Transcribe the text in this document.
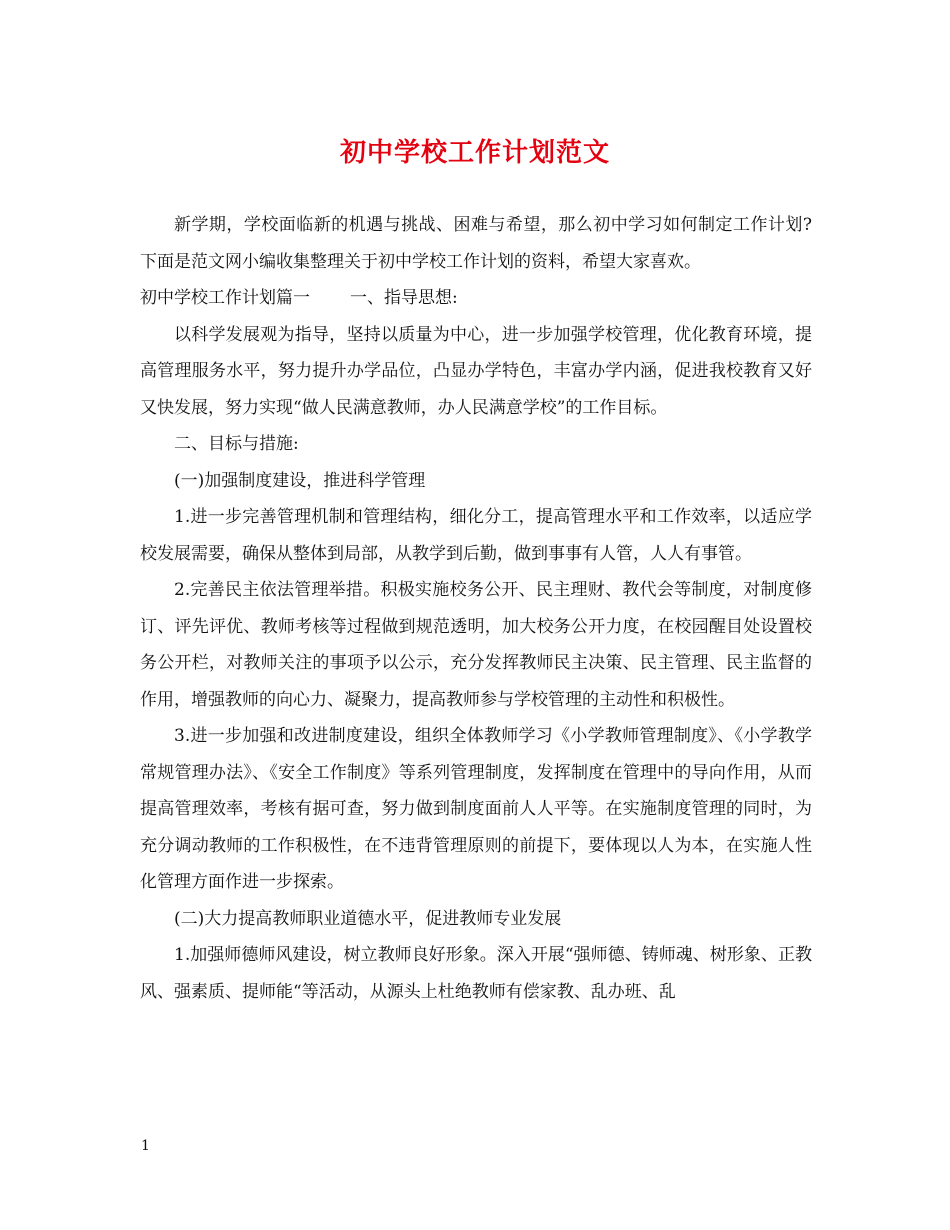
初中学校工作计划范文

新学期，学校面临新的机遇与挑战、困难与希望，那么初中学习如何制定工作计划?下面是范文网小编收集整理关于初中学校工作计划的资料，希望大家喜欢。

初中学校工作计划篇一 一、指导思想:

以科学发展观为指导，坚持以质量为中心，进一步加强学校管理，优化教育环境，提高管理服务水平，努力提升办学品位，凸显办学特色，丰富办学内涵，促进我校教育又好又快发展，努力实现“做人民满意教师，办人民满意学校”的工作目标。

二、目标与措施:

(一)加强制度建设，推进科学管理

1.进一步完善管理机制和管理结构，细化分工，提高管理水平和工作效率，以适应学校发展需要，确保从整体到局部，从教学到后勤，做到事事有人管，人人有事管。

2.完善民主依法管理举措。积极实施校务公开、民主理财、教代会等制度，对制度修订、评先评优、教师考核等过程做到规范透明，加大校务公开力度，在校园醒目处设置校务公开栏，对教师关注的事项予以公示，充分发挥教师民主决策、民主管理、民主监督的作用，增强教师的向心力、凝聚力，提高教师参与学校管理的主动性和积极性。

3.进一步加强和改进制度建设，组织全体教师学习《小学教师管理制度》、《小学教学常规管理办法》、《安全工作制度》等系列管理制度，发挥制度在管理中的导向作用，从而提高管理效率，考核有据可查，努力做到制度面前人人平等。在实施制度管理的同时，为充分调动教师的工作积极性，在不违背管理原则的前提下，要体现以人为本，在实施人性化管理方面作进一步探索。

(二)大力提高教师职业道德水平，促进教师专业发展

1.加强师德师风建设，树立教师良好形象。深入开展“强师德、铸师魂、树形象、正教风、强素质、提师能“等活动，从源头上杜绝教师有偿家教、乱办班、乱

1
